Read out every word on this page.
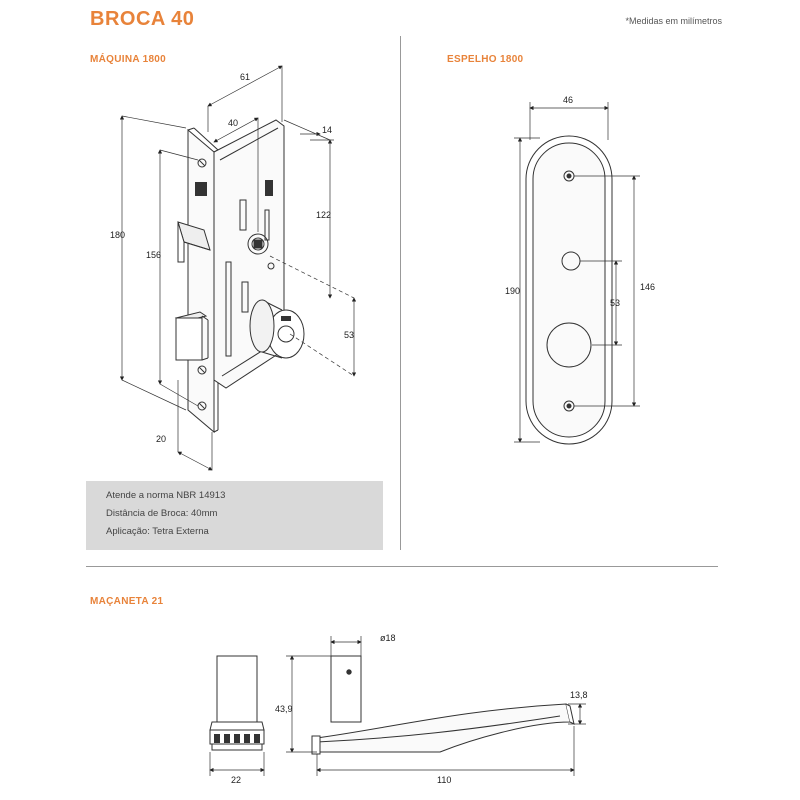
BROCA 40	*Medidas em milímetros
MÁQUINA 1800	ESPELHO 1800
MAÇANETA 21
Atende a norma NBR 14913
Distância de Broca: 40mm
Aplicação: Tetra Externa
61
40
14
180
156
122
53
20
46
190	146
53
ø18
43,9
13,8
22	110
